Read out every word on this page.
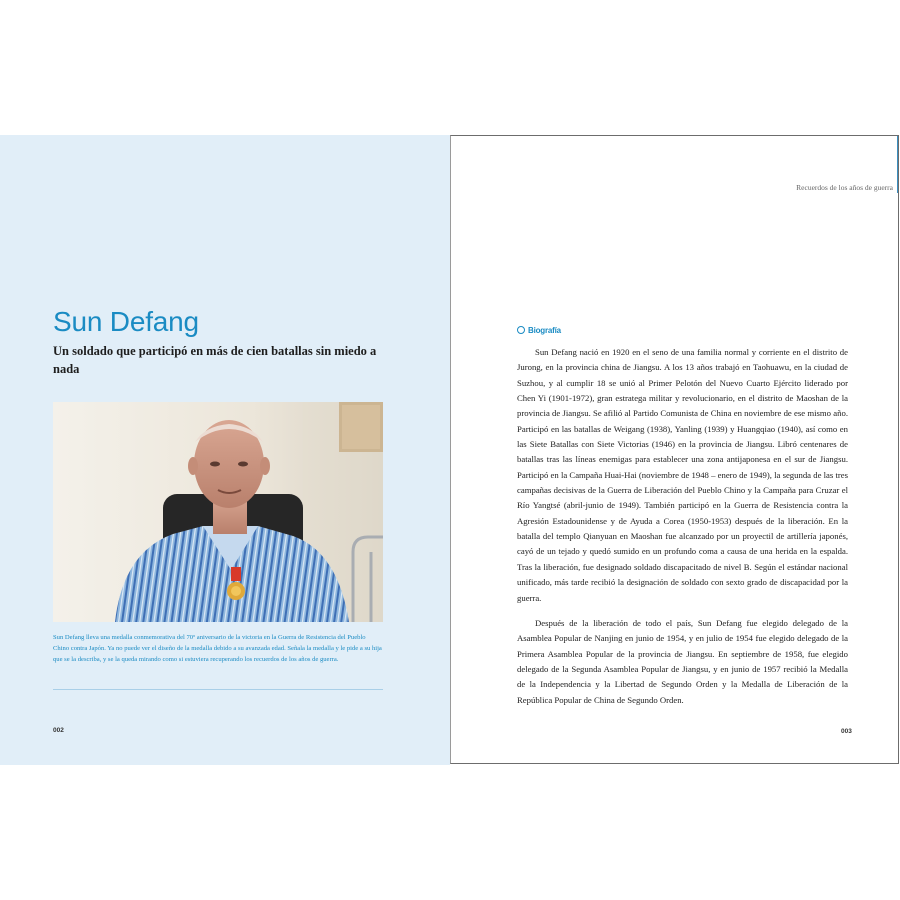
Sun Defang

Un soldado que participó en más de cien batallas sin miedo a nada

Sun Defang lleva una medalla conmemorativa del 70º aniversario de la victoria en la Guerra de Resistencia del Pueblo Chino contra Japón. Ya no puede ver el diseño de la medalla debido a su avanzada edad. Señala la medalla y le pide a su hija que se la describa, y se la queda mirando como si estuviera recuperando los recuerdos de los años de guerra.

002
Recuerdos de los años de guerra
Biografía

Sun Defang nació en 1920 en el seno de una familia normal y corriente en el distrito de Jurong, en la provincia china de Jiangsu. A los 13 años trabajó en Taohuawu, en la ciudad de Suzhou, y al cumplir 18 se unió al Primer Pelotón del Nuevo Cuarto Ejército liderado por Chen Yi (1901-1972), gran estratega militar y revolucionario, en el distrito de Maoshan de la provincia de Jiangsu. Se afilió al Partido Comunista de China en noviembre de ese mismo año. Participó en las batallas de Weigang (1938), Yanling (1939) y Huangqiao (1940), así como en las Siete Batallas con Siete Victorias (1946) en la provincia de Jiangsu. Libró centenares de batallas tras las líneas enemigas para establecer una zona antijaponesa en el sur de Jiangsu. Participó en la Campaña Huai-Hai (noviembre de 1948 – enero de 1949), la segunda de las tres campañas decisivas de la Guerra de Liberación del Pueblo Chino y la Campaña para Cruzar el Río Yangtsé (abril-junio de 1949). También participó en la Guerra de Resistencia contra la Agresión Estadounidense y de Ayuda a Corea (1950-1953) después de la liberación. En la batalla del templo Qianyuan en Maoshan fue alcanzado por un proyectil de artillería japonés, cayó de un tejado y quedó sumido en un profundo coma a causa de una herida en la espalda. Tras la liberación, fue designado soldado discapacitado de nivel B. Según el estándar nacional unificado, más tarde recibió la designación de soldado con sexto grado de discapacidad por la guerra.

Después de la liberación de todo el país, Sun Defang fue elegido delegado de la Asamblea Popular de Nanjing en junio de 1954, y en julio de 1954 fue elegido delegado de la Primera Asamblea Popular de la provincia de Jiangsu. En septiembre de 1958, fue elegido delegado de la Segunda Asamblea Popular de Jiangsu, y en junio de 1957 recibió la Medalla de la Independencia y la Libertad de Segundo Orden y la Medalla de Liberación de la República Popular de China de Segundo Orden.

003
